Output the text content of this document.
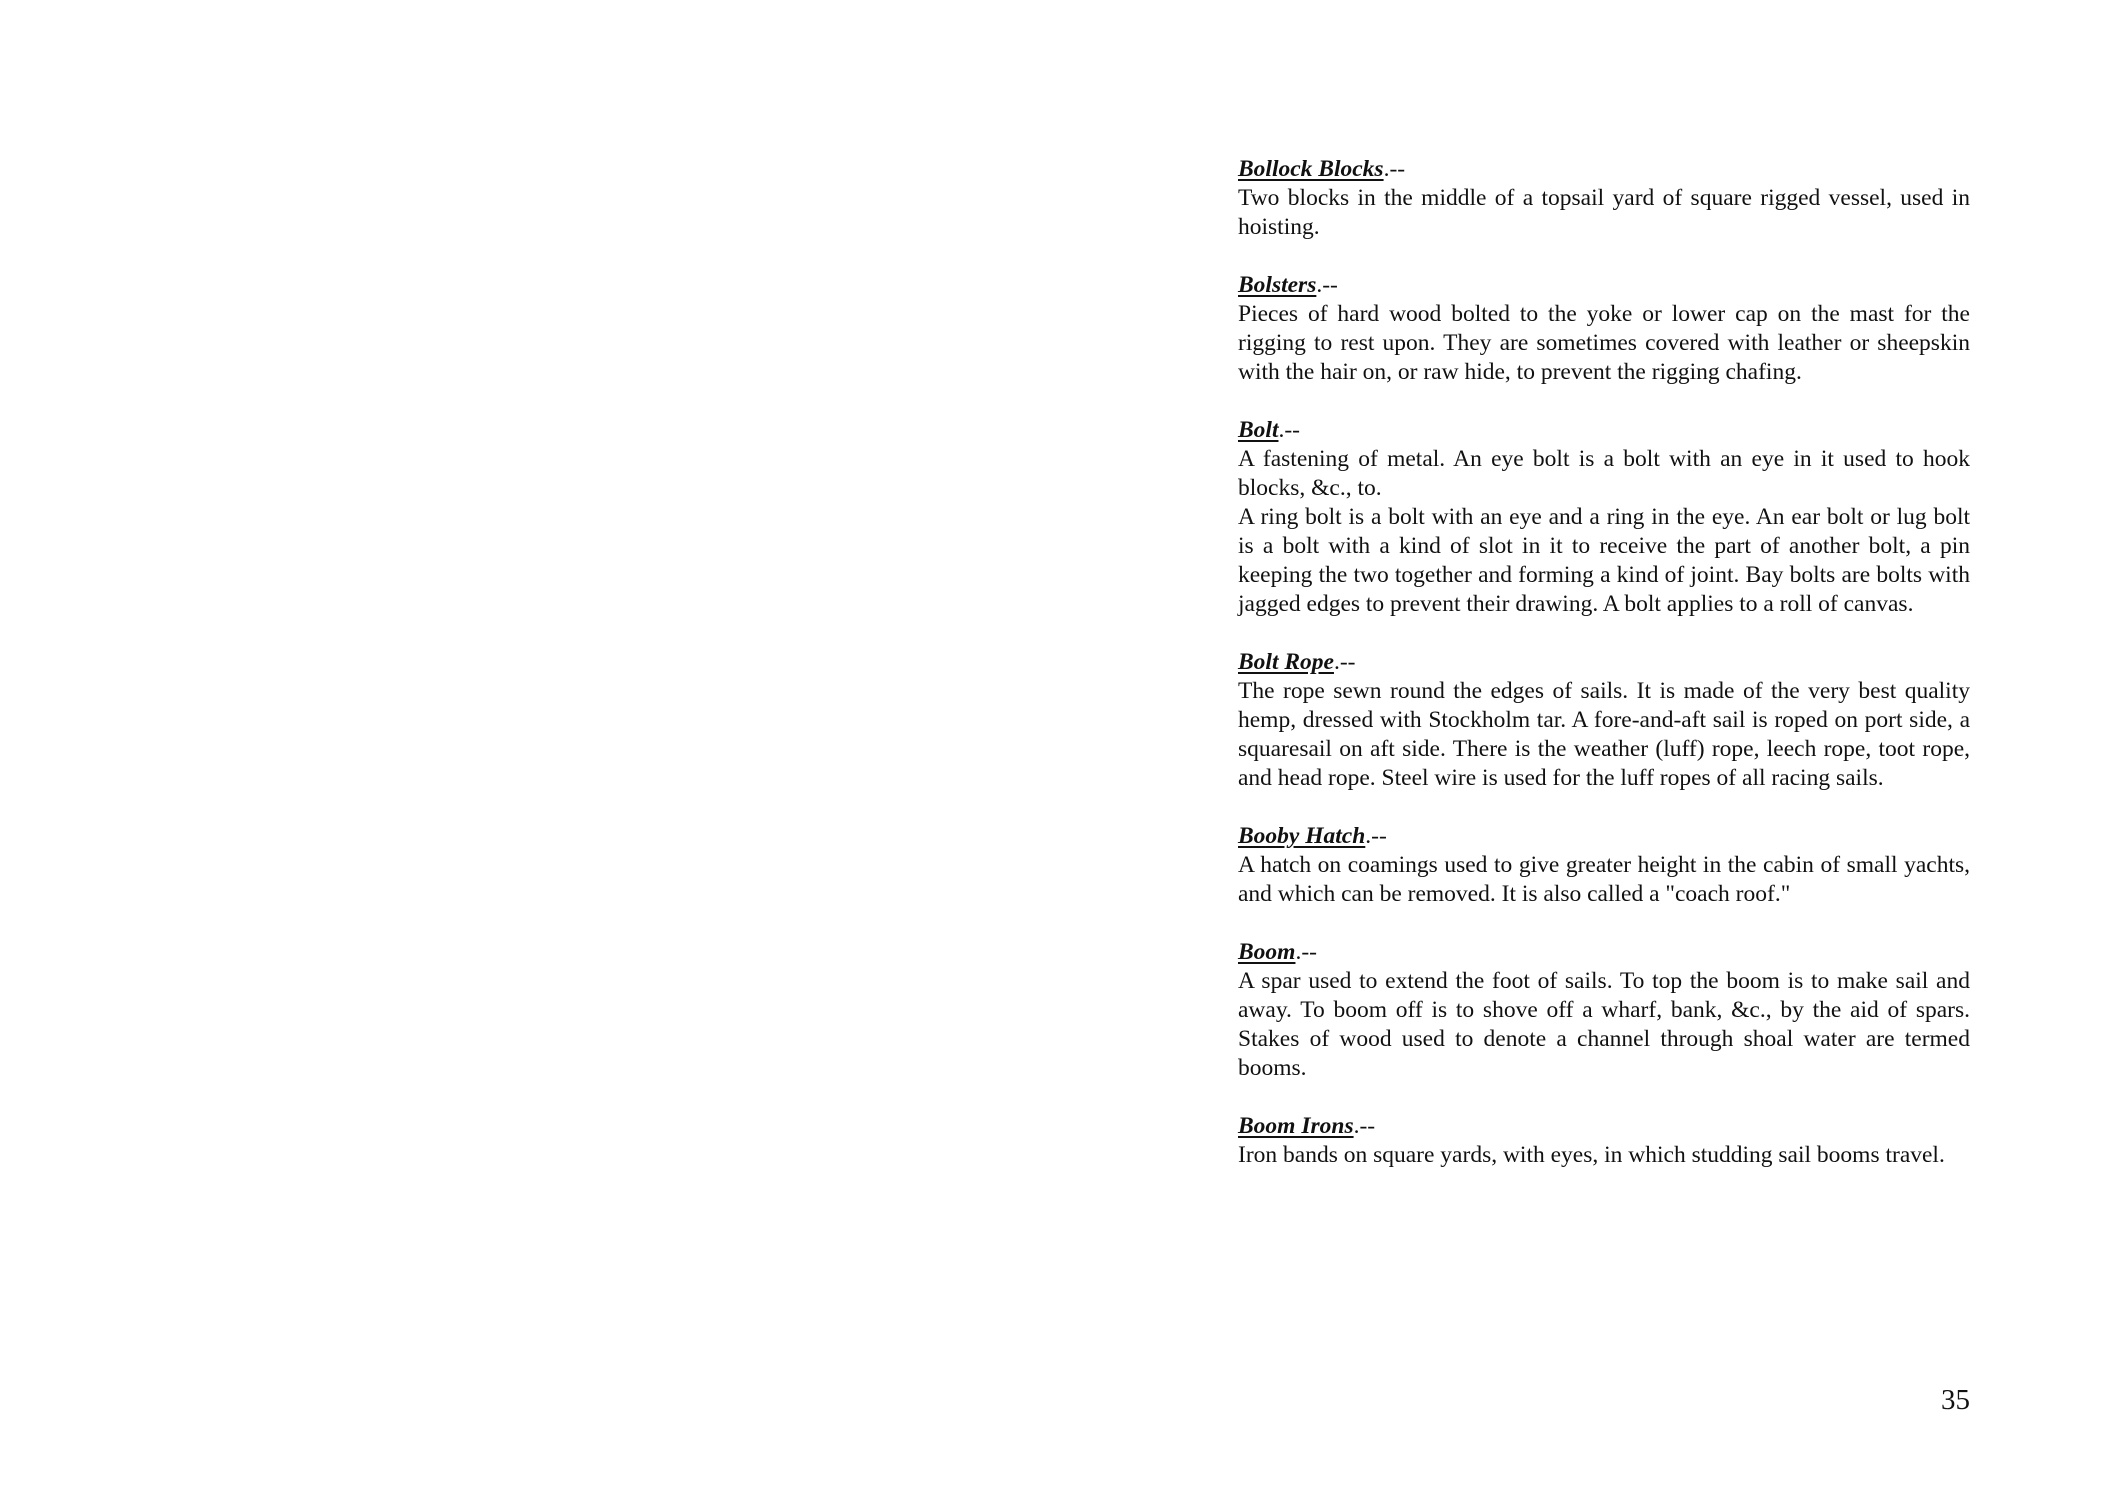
Bollock Blocks.--

Two blocks in the middle of a topsail yard of square rigged vessel, used in hoisting.

Bolsters.--

Pieces of hard wood bolted to the yoke or lower cap on the mast for the rigging to rest upon. They are sometimes covered with leather or sheepskin with the hair on, or raw hide, to prevent the rigging chafing.

Bolt.--

A fastening of metal. An eye bolt is a bolt with an eye in it used to hook blocks, &c., to.

A ring bolt is a bolt with an eye and a ring in the eye. An ear bolt or lug bolt is a bolt with a kind of slot in it to receive the part of another bolt, a pin keeping the two together and forming a kind of joint. Bay bolts are bolts with jagged edges to prevent their drawing. A bolt applies to a roll of canvas.

Bolt Rope.--

The rope sewn round the edges of sails. It is made of the very best quality hemp, dressed with Stockholm tar. A fore-and-aft sail is roped on port side, a squaresail on aft side. There is the weather (luff) rope, leech rope, toot rope, and head rope. Steel wire is used for the luff ropes of all racing sails.

Booby Hatch.--

A hatch on coamings used to give greater height in the cabin of small yachts, and which can be removed. It is also called a "coach roof."

Boom.--

A spar used to extend the foot of sails. To top the boom is to make sail and away. To boom off is to shove off a wharf, bank, &c., by the aid of spars. Stakes of wood used to denote a channel through shoal water are termed booms.

Boom Irons.--

Iron bands on square yards, with eyes, in which studding sail booms travel.

35
